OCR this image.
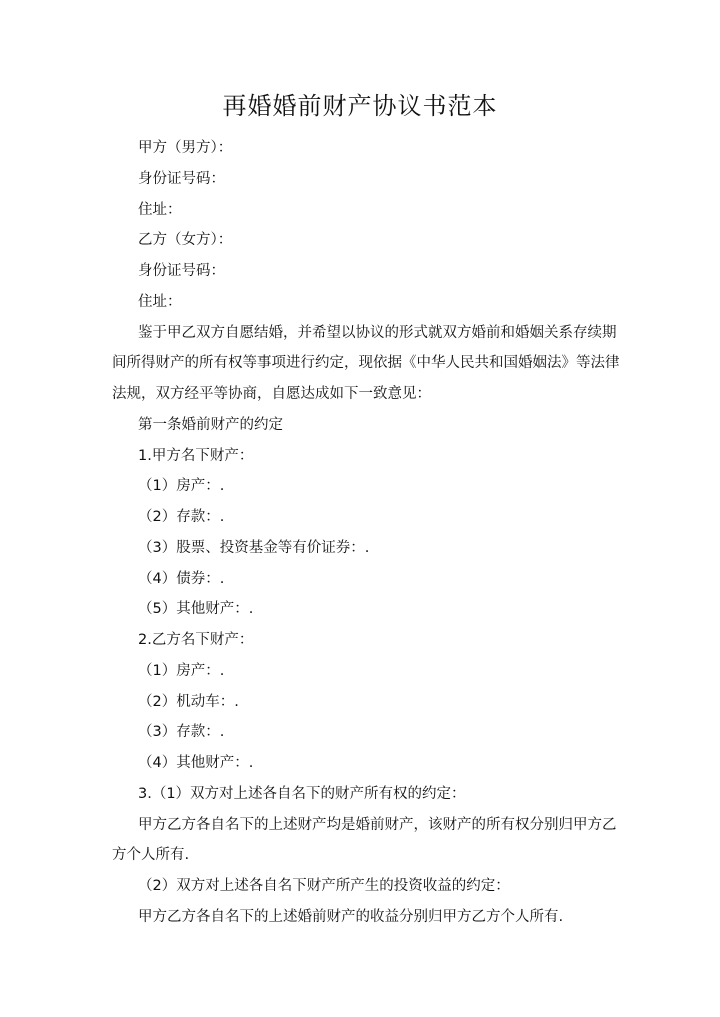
再婚婚前财产协议书范本
甲方（男方）：
身份证号码：
住址：
乙方（女方）：
身份证号码：
住址：
鉴于甲乙双方自愿结婚，并希望以协议的形式就双方婚前和婚姻关系存续期
间所得财产的所有权等事项进行约定，现依据《中华人民共和国婚姻法》等法律
法规，双方经平等协商，自愿达成如下一致意见：
第一条婚前财产的约定
1.甲方名下财产：
（1）房产：.
（2）存款：.
（3）股票、投资基金等有价证券：.
（4）债券：.
（5）其他财产：.
2.乙方名下财产：
（1）房产：.
（2）机动车：.
（3）存款：.
（4）其他财产：.
3.（1）双方对上述各自名下的财产所有权的约定：
甲方乙方各自名下的上述财产均是婚前财产，该财产的所有权分别归甲方乙
方个人所有.
（2）双方对上述各自名下财产所产生的投资收益的约定：
甲方乙方各自名下的上述婚前财产的收益分别归甲方乙方个人所有.
